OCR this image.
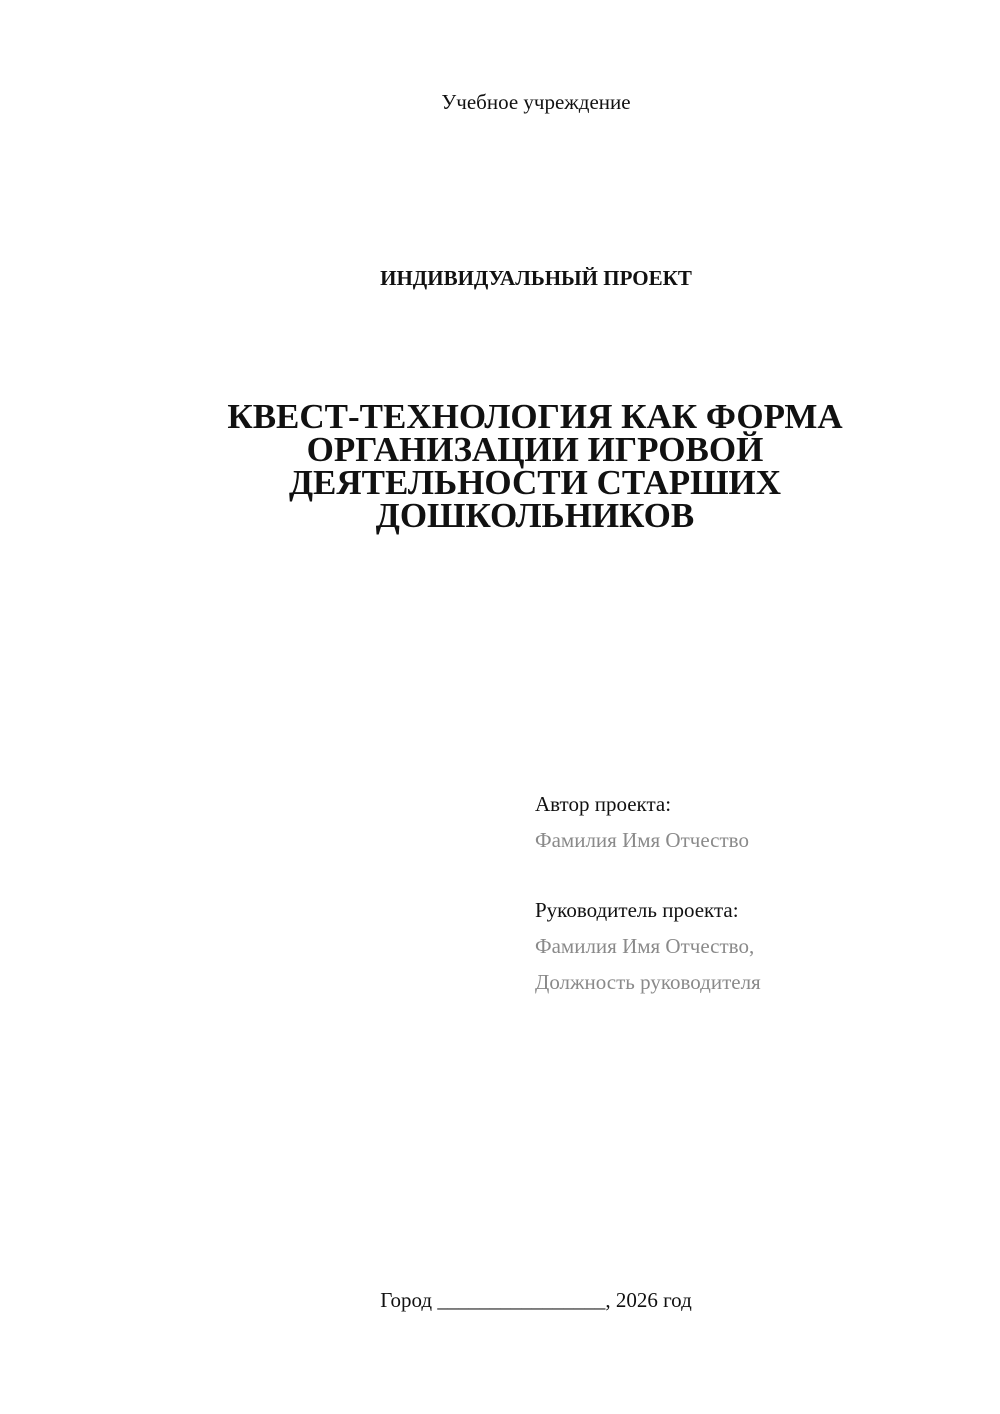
Учебное учреждение
ИНДИВИДУАЛЬНЫЙ ПРОЕКТ
КВЕСТ-ТЕХНОЛОГИЯ КАК ФОРМА
ОРГАНИЗАЦИИ ИГРОВОЙ
ДЕЯТЕЛЬНОСТИ СТАРШИХ
ДОШКОЛЬНИКОВ
Автор проекта:
Фамилия Имя Отчество
Руководитель проекта:
Фамилия Имя Отчество,
Должность руководителя
Город ________________, 2026 год
